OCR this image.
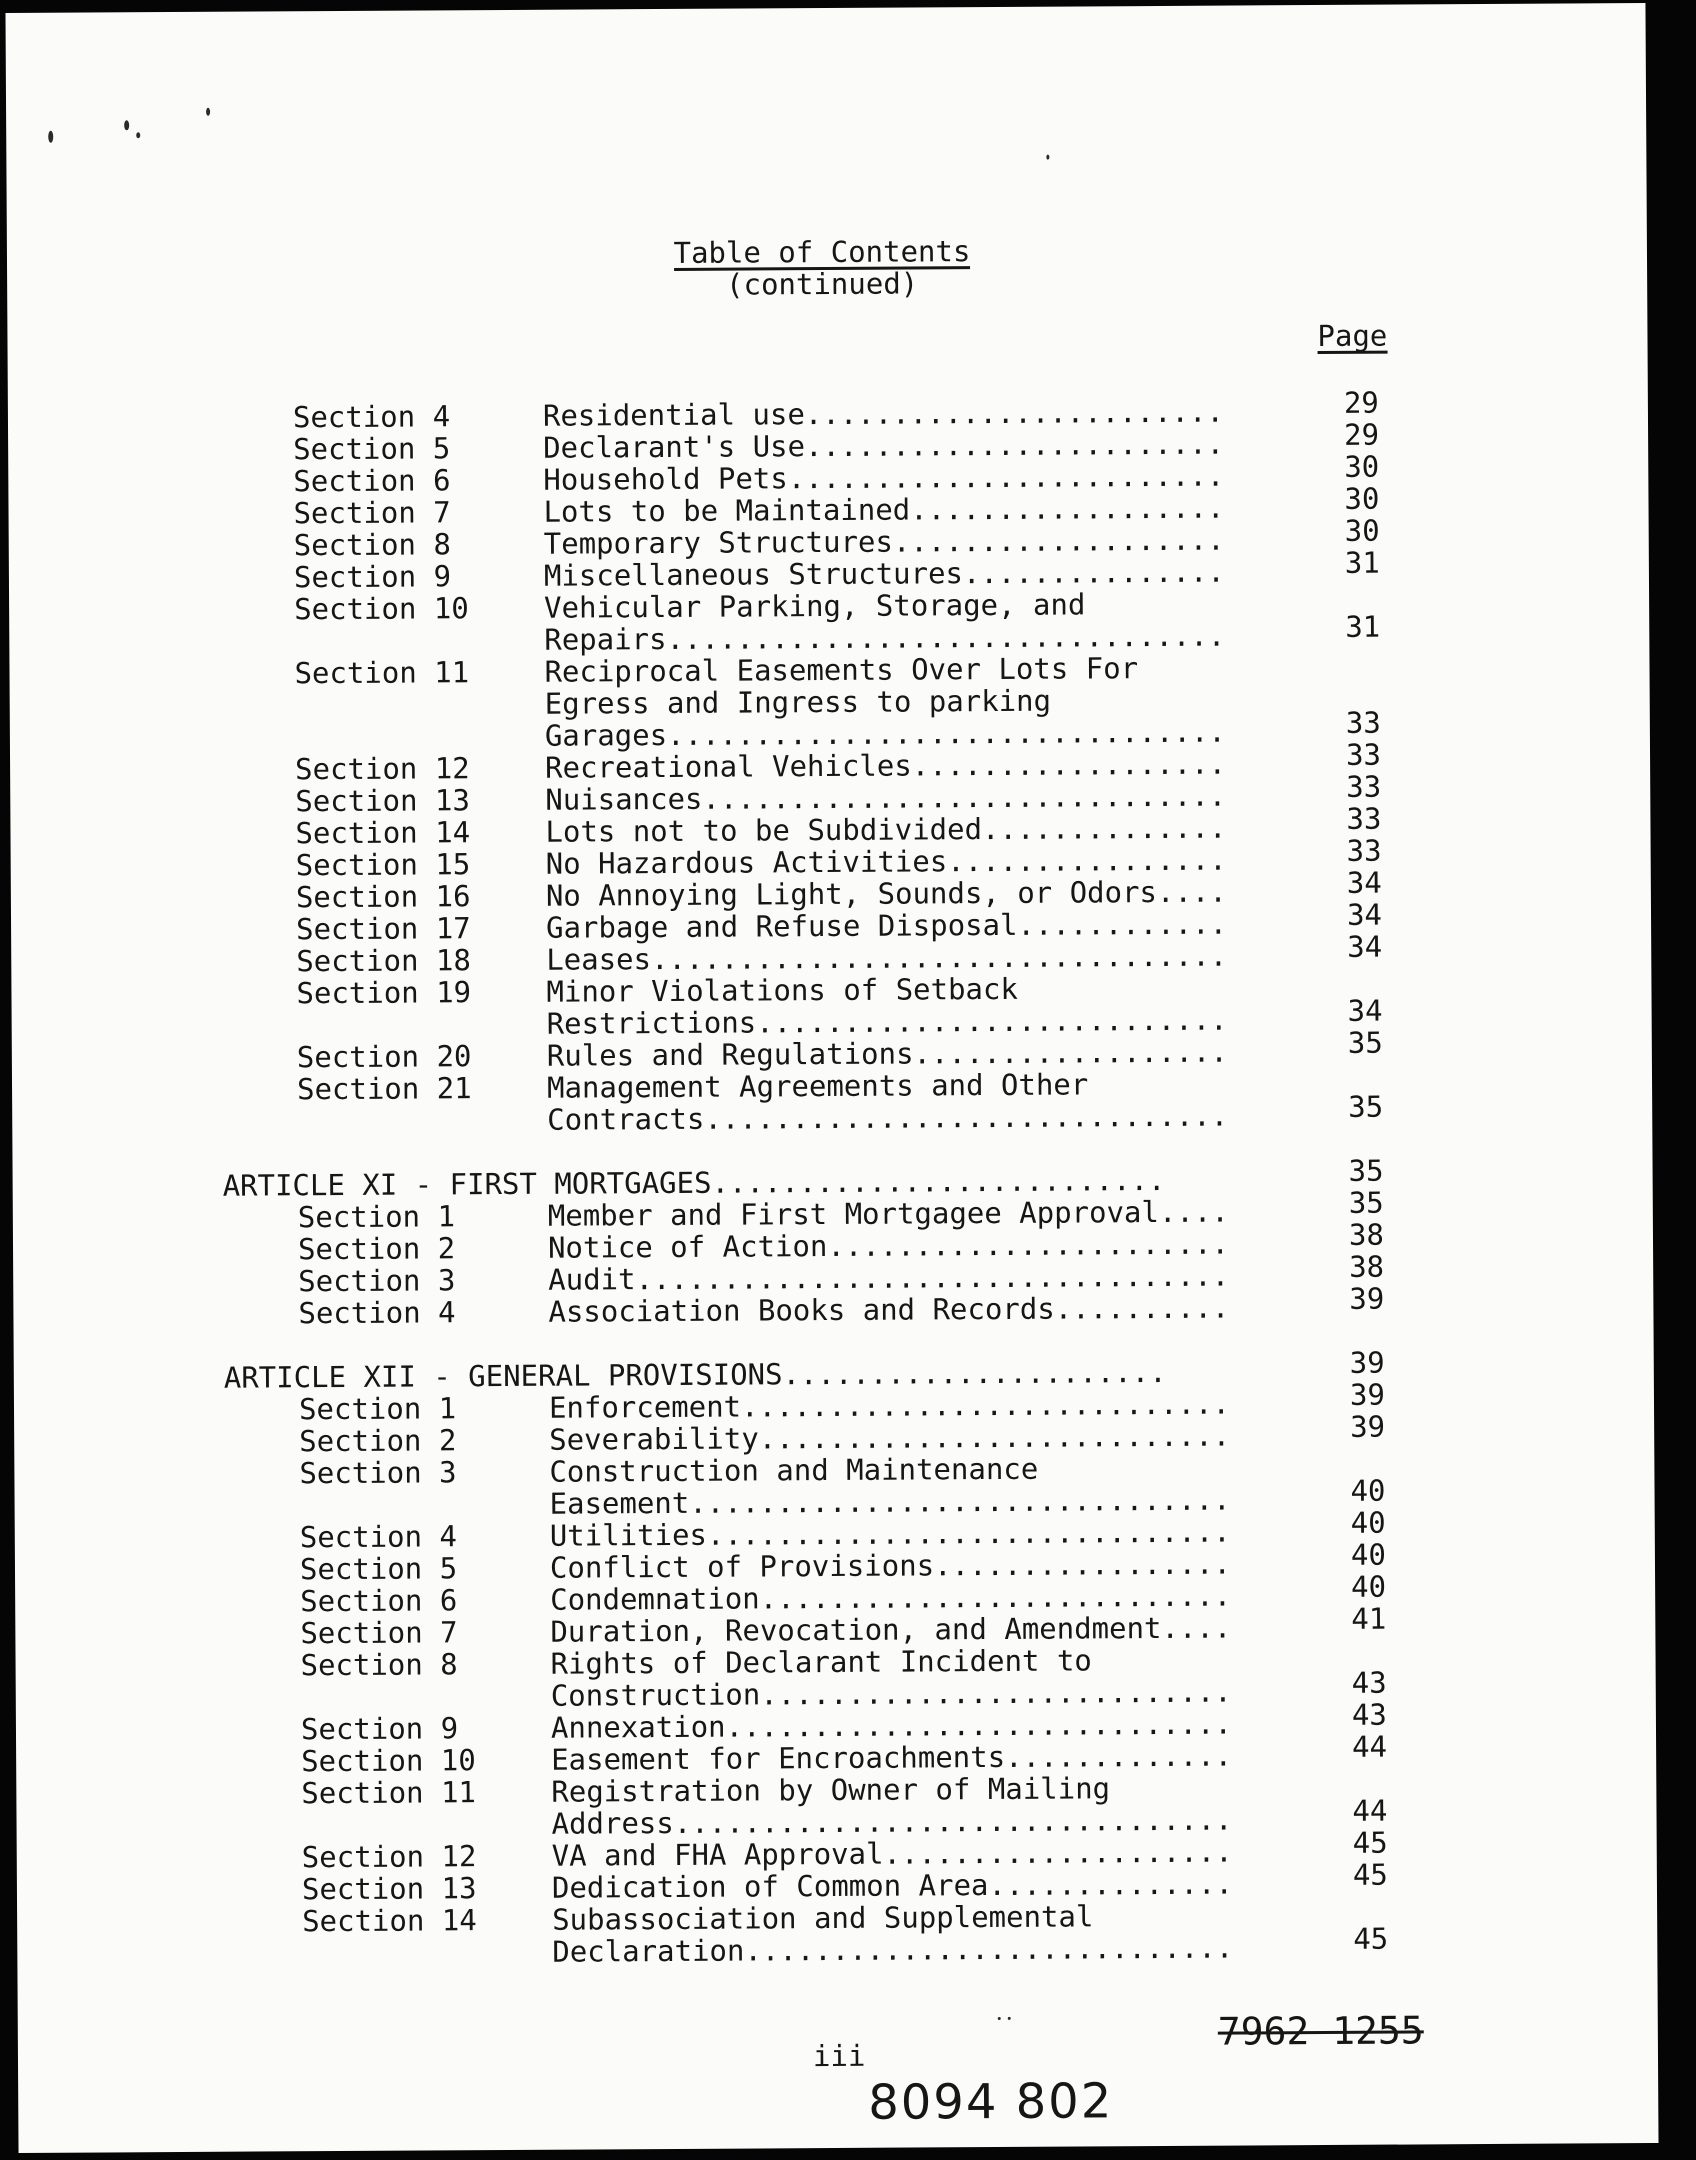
Table of Contents
(continued)
Page
Section 4	Residential use........................	29
Section 5	Declarant's Use........................	29
Section 6	Household Pets.........................	30
Section 7	Lots to be Maintained..................	30
Section 8	Temporary Structures...................	30
Section 9	Miscellaneous Structures...............	31
Section 10	Vehicular Parking, Storage, and
Repairs................................	31
Section 11	Reciprocal Easements Over Lots For
Egress and Ingress to parking
Garages................................	33
Section 12	Recreational Vehicles..................	33
Section 13	Nuisances..............................	33
Section 14	Lots not to be Subdivided..............	33
Section 15	No Hazardous Activities................	33
Section 16	No Annoying Light, Sounds, or Odors....	34
Section 17	Garbage and Refuse Disposal............	34
Section 18	Leases.................................	34
Section 19	Minor Violations of Setback
Restrictions...........................	34
Section 20	Rules and Regulations..................	35
Section 21	Management Agreements and Other
Contracts..............................	35
ARTICLE XI - FIRST MORTGAGES..........................	35
Section 1	Member and First Mortgagee Approval....	35
Section 2	Notice of Action.......................	38
Section 3	Audit..................................	38
Section 4	Association Books and Records..........	39
ARTICLE XII - GENERAL PROVISIONS......................	39
Section 1	Enforcement............................	39
Section 2	Severability...........................	39
Section 3	Construction and Maintenance
Easement...............................	40
Section 4	Utilities..............................	40
Section 5	Conflict of Provisions.................	40
Section 6	Condemnation...........................	40
Section 7	Duration, Revocation, and Amendment....	41
Section 8	Rights of Declarant Incident to
Construction...........................	43
Section 9	Annexation.............................	43
Section 10	Easement for Encroachments.............	44
Section 11	Registration by Owner of Mailing
Address................................	44
Section 12	VA and FHA Approval....................	45
Section 13	Dedication of Common Area..............	45
Section 14	Subassociation and Supplemental
Declaration............................	45
iii
7962 1255
8094 802
